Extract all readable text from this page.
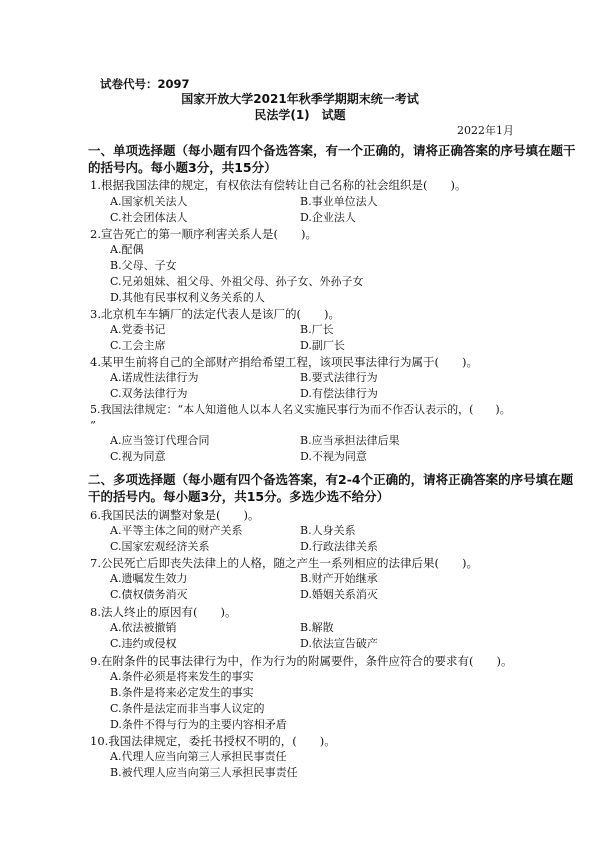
试卷代号：2097
国家开放大学2021年秋季学期期末统一考试
民法学(1)　试题
2022年1月
一、单项选择题（每小题有四个备选答案，有一个正确的，请将正确答案的序号填在题干
的括号内。每小题3分，共15分）
1.根据我国法律的规定，有权依法有偿转让自己名称的社会组织是(　　)。
A.国家机关法人	B.事业单位法人
C.社会团体法人	D.企业法人
2.宣告死亡的第一顺序利害关系人是(　　)。
A.配偶
B.父母、子女
C.兄弟姐妹、祖父母、外祖父母、孙子女、外孙子女
D.其他有民事权利义务关系的人
3.北京机车车辆厂的法定代表人是该厂的(　　)。
A.党委书记	B.厂长
C.工会主席	D.副厂长
4.某甲生前将自己的全部财产捐给希望工程，该项民事法律行为属于(　　)。
A.诺成性法律行为	B.要式法律行为
C.双务法律行为	D.有偿法律行为
5.我国法律规定：“本人知道他人以本人名义实施民事行为而不作否认表示的，(　　)。
”
A.应当签订代理合同	B.应当承担法律后果
C.视为同意	D.不视为同意
二、多项选择题（每小题有四个备选答案，有2-4个正确的，请将正确答案的序号填在题
干的括号内。每小题3分，共15分。多选少选不给分）
6.我国民法的调整对象是(　　)。
A.平等主体之间的财产关系	B.人身关系
C.国家宏观经济关系	D.行政法律关系
7.公民死亡后即丧失法律上的人格，随之产生一系列相应的法律后果(　　)。
A.遗嘱发生效力	B.财产开始继承
C.债权债务消灭	D.婚姻关系消灭
8.法人终止的原因有(　　)。
A.依法被撤销	B.解散
C.违约或侵权	D.依法宣告破产
9.在附条件的民事法律行为中，作为行为的附属要件，条件应符合的要求有(　　)。
A.条件必须是将来发生的事实
B.条件是将来必定发生的事实
C.条件是法定而非当事人议定的
D.条件不得与行为的主要内容相矛盾
10.我国法律规定，委托书授权不明的，(　　)。
A.代理人应当向第三人承担民事责任
B.被代理人应当向第三人承担民事责任
